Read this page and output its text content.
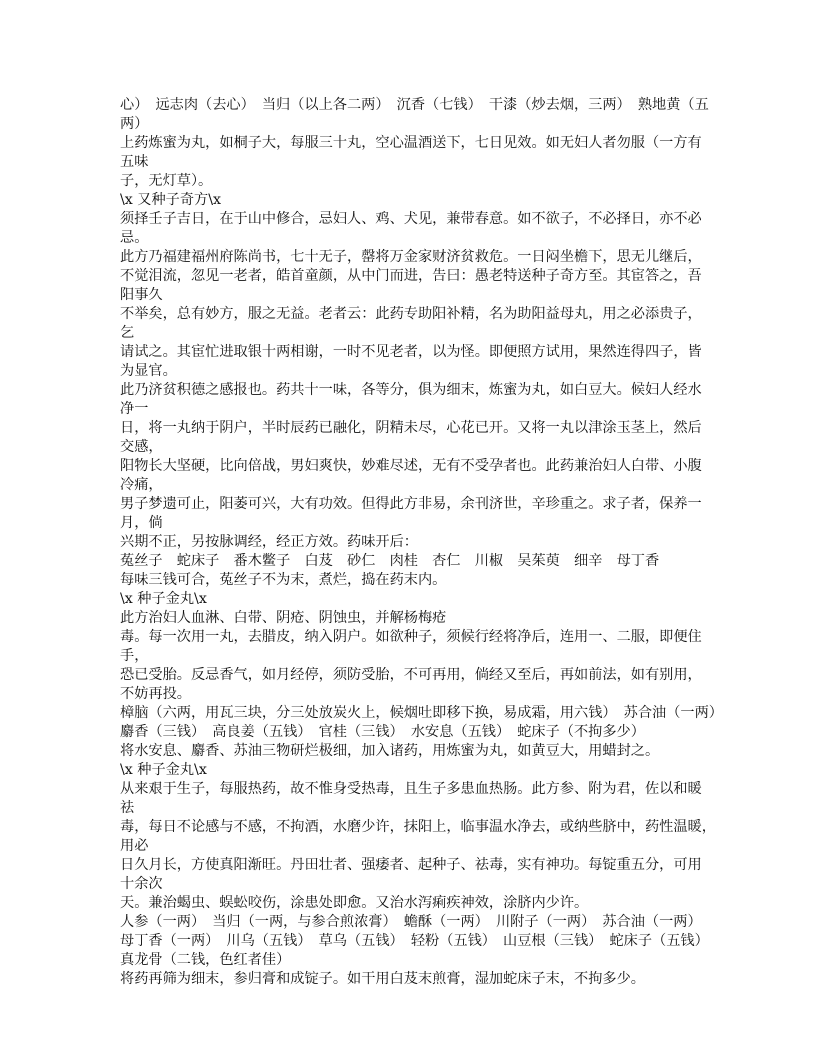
心）　远志肉（去心）　当归（以上各二两）　沉香（七钱）　干漆（炒去烟，三两）　熟地黄（五
两）
上药炼蜜为丸，如桐子大，每服三十丸，空心温酒送下，七日见效。如无妇人者勿服（一方有
五味
子，无灯草）。
\x 又种子奇方\x
须择壬子吉日，在于山中修合，忌妇人、鸡、犬见，兼带春意。如不欲子，不必择日，亦不必
忌。
此方乃福建福州府陈尚书，七十无子，罄将万金家财济贫救危。一日闷坐檐下，思无儿继后，
不觉泪流，忽见一老者，皓首童颜，从中门而进，告曰：愚老特送种子奇方至。其宦答之，吾
阳事久
不举矣，总有妙方，服之无益。老者云：此药专助阳补精，名为助阳益母丸，用之必添贵子，
乞
请试之。其宦忙进取银十两相谢，一时不见老者，以为怪。即便照方试用，果然连得四子，皆
为显官。
此乃济贫积德之感报也。药共十一味，各等分，俱为细末，炼蜜为丸，如白豆大。候妇人经水
净一
日，将一丸纳于阴户，半时辰药已融化，阴精未尽，心花已开。又将一丸以津涂玉茎上，然后
交感，
阳物长大坚硬，比向倍战，男妇爽快，妙难尽述，无有不受孕者也。此药兼治妇人白带、小腹
冷痛，
男子梦遗可止，阳萎可兴，大有功效。但得此方非易，余刊济世，辛珍重之。求子者，保养一
月，倘
兴期不正，另按脉调经，经正方效。药味开后：
菟丝子　蛇床子　番木鳖子　白芨　砂仁　肉桂　杏仁　川椒　吴茱萸　细辛　母丁香
每味三钱可合，菟丝子不为末，煮烂，捣在药末内。
\x 种子金丸\x
此方治妇人血淋、白带、阴疮、阴蚀虫，并解杨梅疮
毒。每一次用一丸，去腊皮，纳入阴户。如欲种子，须候行经将净后，连用一、二服，即便住
手，
恐已受胎。反忌香气，如月经停，须防受胎，不可再用，倘经又至后，再如前法，如有别用，
不妨再投。
樟脑（六两，用瓦三块，分三处放炭火上，候烟吐即移下换，易成霜，用六钱）　苏合油（一两）
麝香（三钱）　高良姜（五钱）　官桂（三钱）　水安息（五钱）　蛇床子（不拘多少）
将水安息、麝香、苏油三物研烂极细，加入诸药，用炼蜜为丸，如黄豆大，用蜡封之。
\x 种子金丸\x
从来艰于生子，每服热药，故不惟身受热毒，且生子多患血热肠。此方参、附为君，佐以和暖
祛
毒，每日不论感与不感，不拘酒，水磨少许，抹阳上，临事温水净去，或纳些脐中，药性温暖，
用必
日久月长，方使真阳渐旺。丹田壮者、强痿者、起种子、祛毒，实有神功。每锭重五分，可用
十余次
天。兼治蝎虫、蜈蚣咬伤，涂患处即愈。又治水泻痢疾神效，涂脐内少许。
人参（一两）　当归（一两，与参合煎浓膏）　蟾酥（一两）　川附子（一两）　苏合油（一两）
母丁香（一两）　川乌（五钱）　草乌（五钱）　轻粉（五钱）　山豆根（三钱）　蛇床子（五钱）
真龙骨（二钱，色红者佳）
将药再筛为细末，参归膏和成锭子。如干用白芨末煎膏，湿加蛇床子末，不拘多少。
